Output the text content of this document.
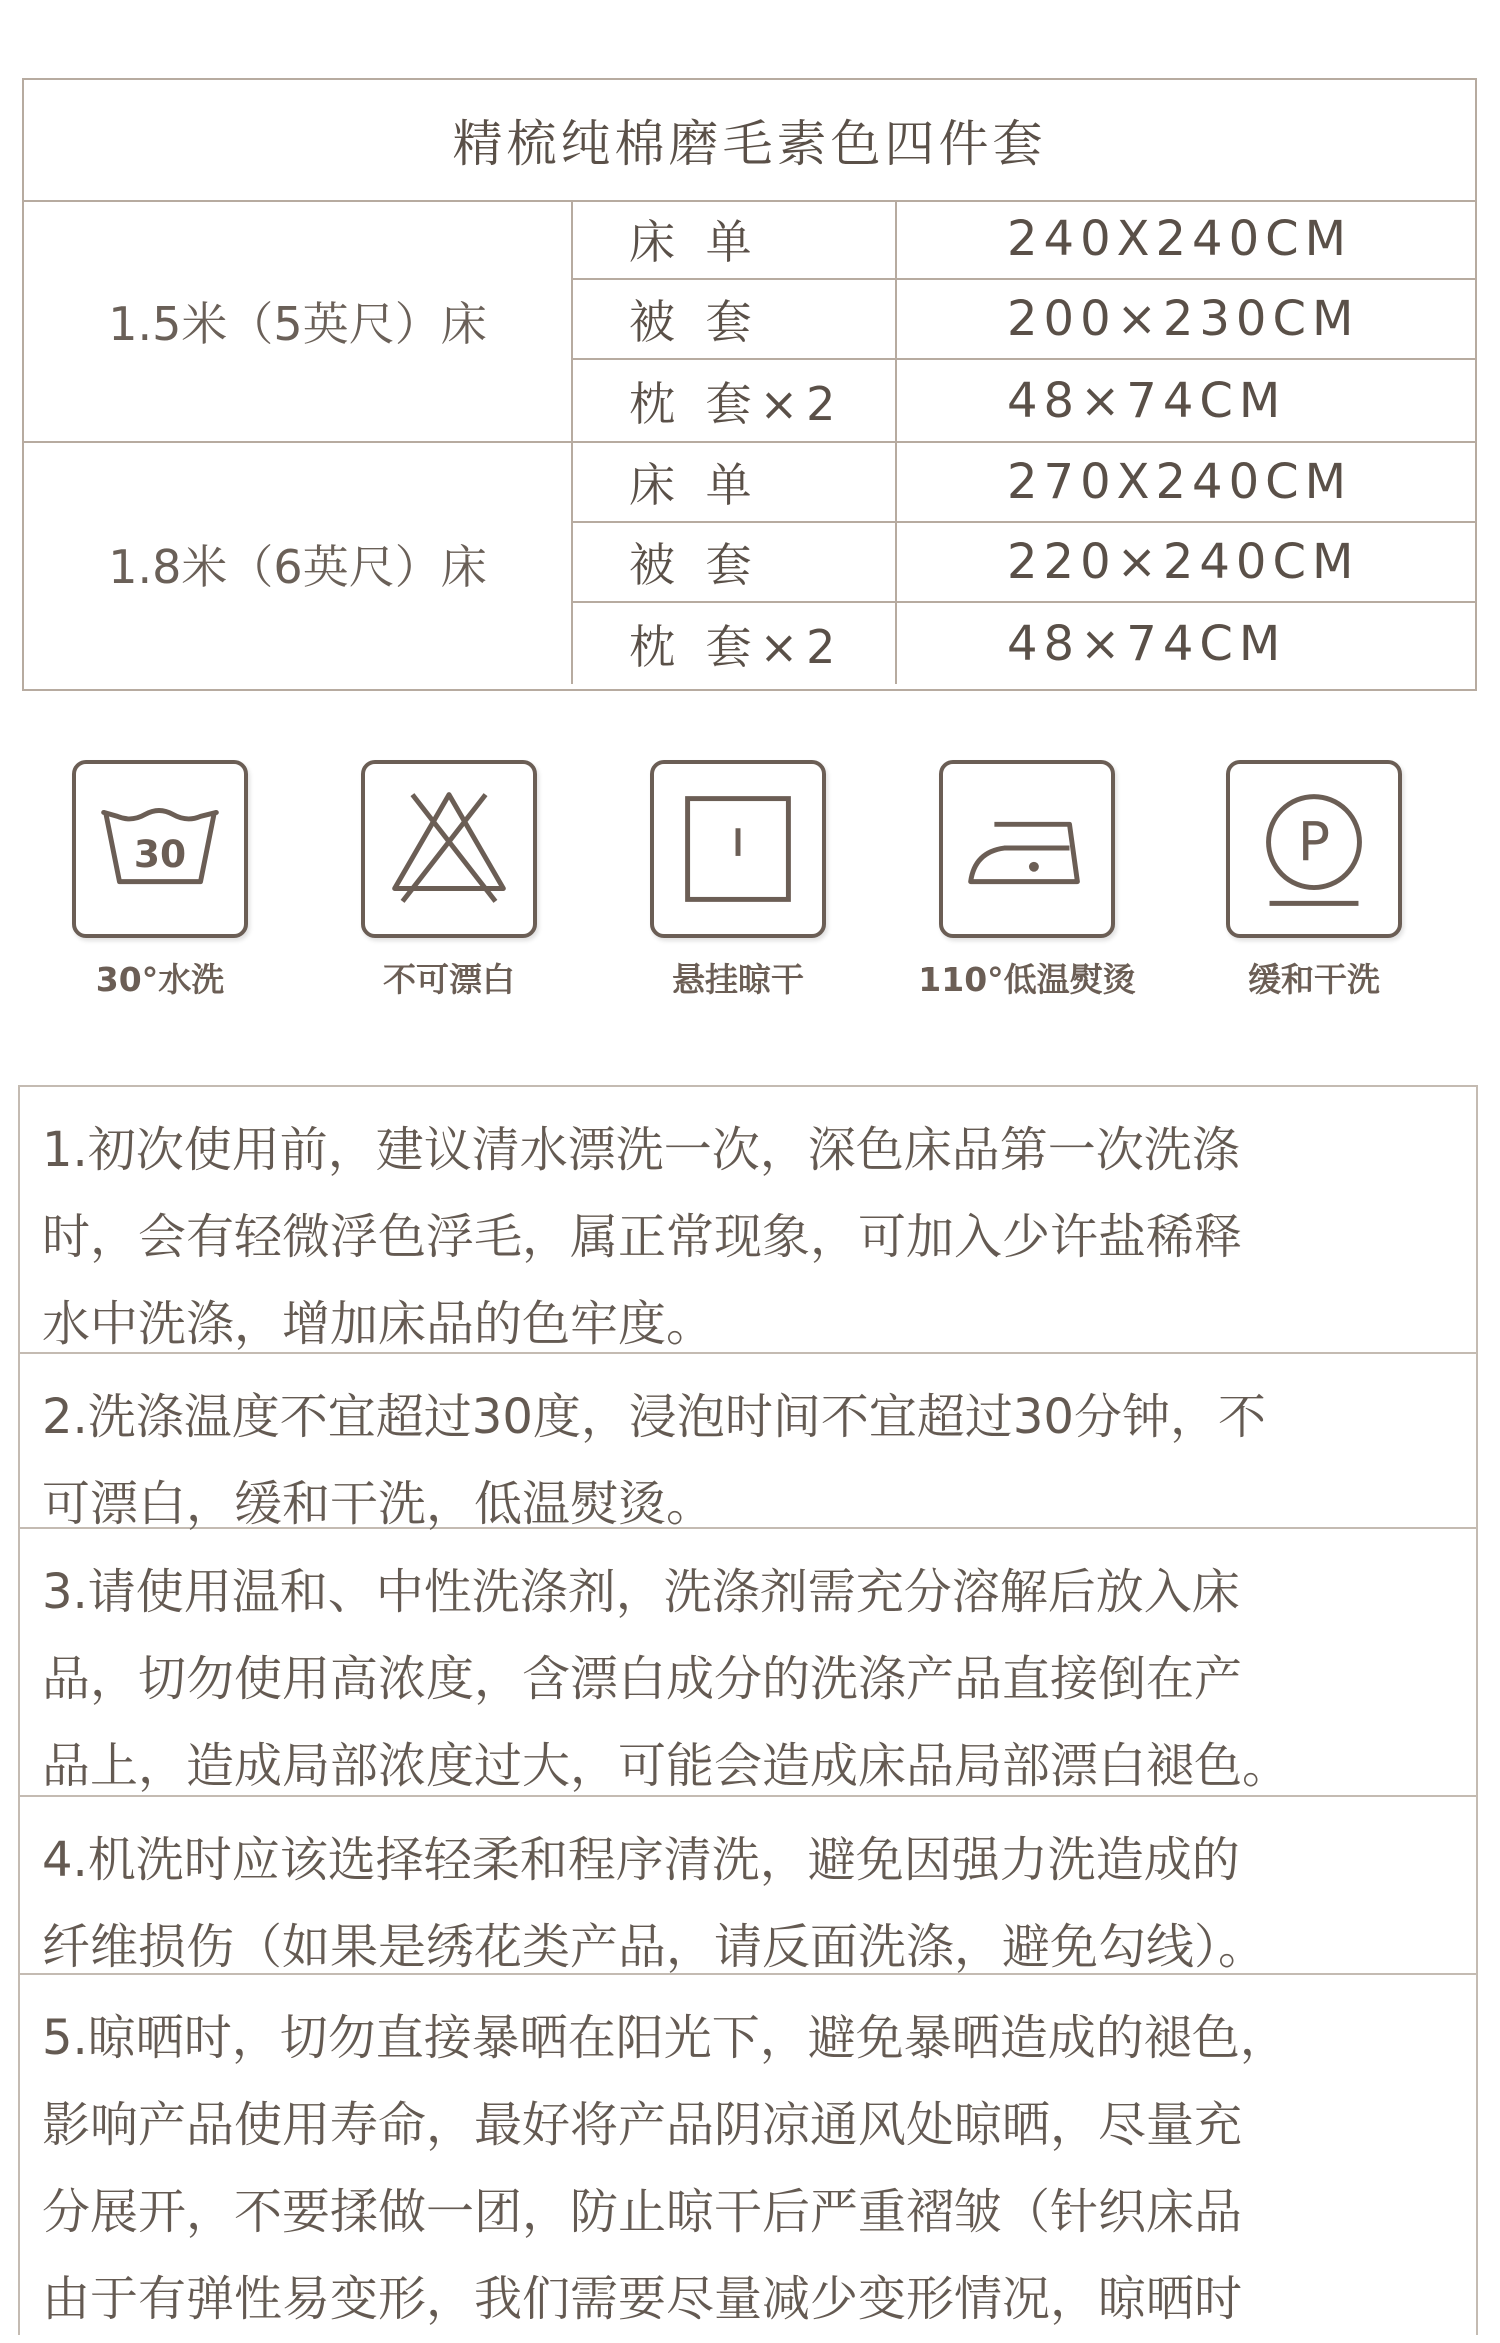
精梳纯棉磨毛素色四件套
1.5米（5英尺）床
床 单	240X240CM
被 套	200×230CM
枕 套×2	48×74CM
1.8米（6英尺）床
床 单	270X240CM
被 套	220×240CM
枕 套×2	48×74CM
30
30°水洗	不可漂白	悬挂晾干	110°低温熨烫
P
缓和干洗
1.初次使用前，建议清水漂洗一次，深色床品第一次洗涤
时，会有轻微浮色浮毛，属正常现象，可加入少许盐稀释
水中洗涤，增加床品的色牢度。
2.洗涤温度不宜超过30度，浸泡时间不宜超过30分钟，不
可漂白，缓和干洗，低温熨烫。
3.请使用温和、中性洗涤剂，洗涤剂需充分溶解后放入床
品，切勿使用高浓度，含漂白成分的洗涤产品直接倒在产
品上，造成局部浓度过大，可能会造成床品局部漂白褪色。
4.机洗时应该选择轻柔和程序清洗，避免因强力洗造成的
纤维损伤（如果是绣花类产品，请反面洗涤，避免勾线）。
5.晾晒时，切勿直接暴晒在阳光下，避免暴晒造成的褪色，
影响产品使用寿命，最好将产品阴凉通风处晾晒，尽量充
分展开，不要揉做一团，防止晾干后严重褶皱（针织床品
由于有弹性易变形，我们需要尽量减少变形情况，晾晒时
